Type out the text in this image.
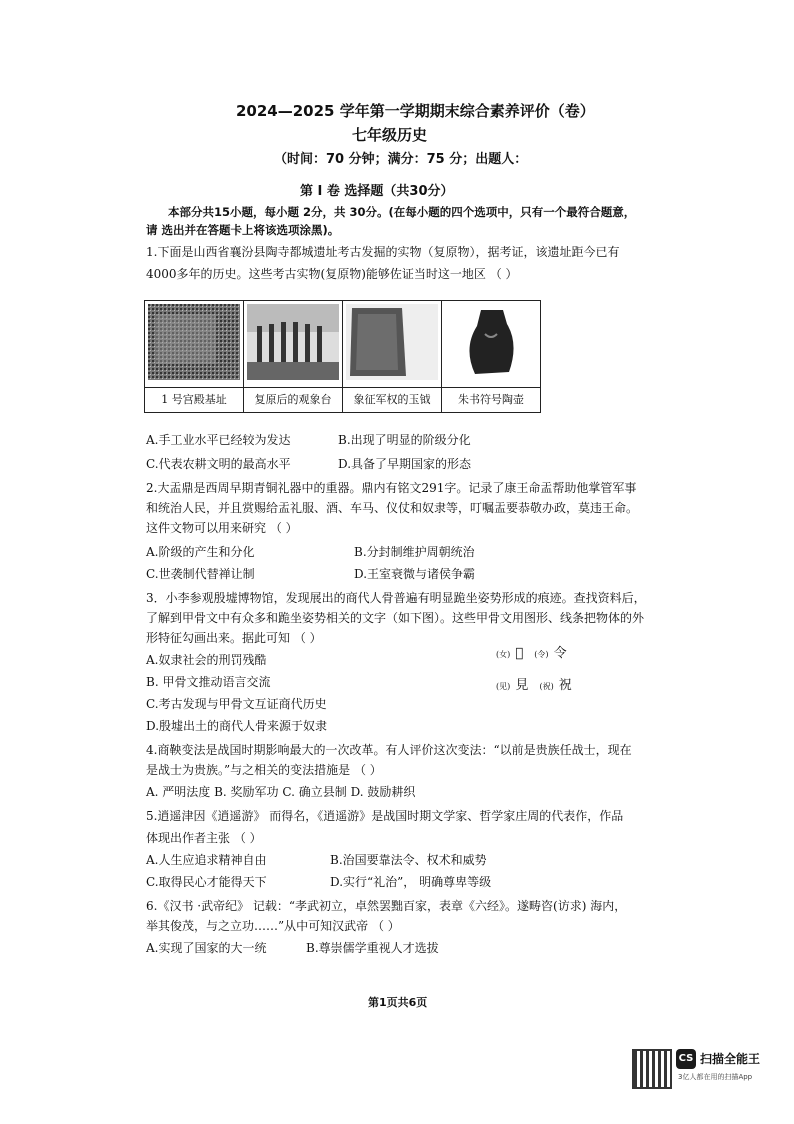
2024—2025 学年第一学期期末综合素养评价（卷）
七年级历史
（时间：70 分钟；满分：75 分；出题人：
第 Ⅰ 卷 选择题（共30分）
本部分共15小题，每小题 2分，共 30分。(在每小题的四个选项中，只有一个最符合题意，
请 选出并在答题卡上将该选项涂黑)。
1.下面是山西省襄汾县陶寺都城遗址考古发掘的实物（复原物），据考证，该遗址距今已有
4000多年的历史。这些考古实物(复原物)能够佐证当时这一地区 （ ）

1 号宫殿基址	复原后的观象台	象征军权的玉钺	朱书符号陶壶
A.手工业水平已经较为发达	B.出现了明显的阶级分化
C.代表农耕文明的最高水平	D.具备了早期国家的形态
2.大盂鼎是西周早期青铜礼器中的重器。鼎内有铭文291字。记录了康王命盂帮助他掌管军事
和统治人民，并且赏赐给盂礼服、酒、车马、仪仗和奴隶等，叮嘱盂要恭敬办政，莫违王命。
这件文物可以用来研究 （ ）
A.阶级的产生和分化	B.分封制维护周朝统治
C.世袭制代替禅让制	D.王室衰微与诸侯争霸
3．小李参观殷墟博物馆，发现展出的商代人骨普遍有明显跪坐姿势形成的痕迹。查找资料后，
了解到甲骨文中有众多和跪坐姿势相关的文字（如下图）。这些甲骨文用图形、线条把物体的外
形特征勾画出来。据此可知 （ ）
A.奴隶社会的刑罚残酷
B. 甲骨文推动语言交流
C.考古发现与甲骨文互证商代历史
D.殷墟出土的商代人骨来源于奴隶
(女) 𡥞 (令) 令
(见) 見 (祝) 祝
4.商鞅变法是战国时期影响最大的一次改革。有人评价这次变法：“以前是贵族任战士，现在
是战士为贵族。”与之相关的变法措施是 （ ）
A. 严明法度 B. 奖励军功 C. 确立县制 D. 鼓励耕织
5.逍遥津因《逍遥游》 而得名，《逍遥游》是战国时期文学家、哲学家庄周的代表作，作品
体现出作者主张 （ ）
A.人生应追求精神自由	B.治国要靠法令、权术和威势
C.取得民心才能得天下	D.实行“礼治”， 明确尊卑等级
6.《汉书 ·武帝纪》 记载：“孝武初立，卓然罢黜百家，表章《六经》。遂畴咨(访求) 海内，
举其俊茂，与之立功……”从中可知汉武帝 （ ）
A.实现了国家的大一统	B.尊崇儒学重视人才选拔
第1页共6页
CS 扫描全能王
3亿人都在用的扫描App
